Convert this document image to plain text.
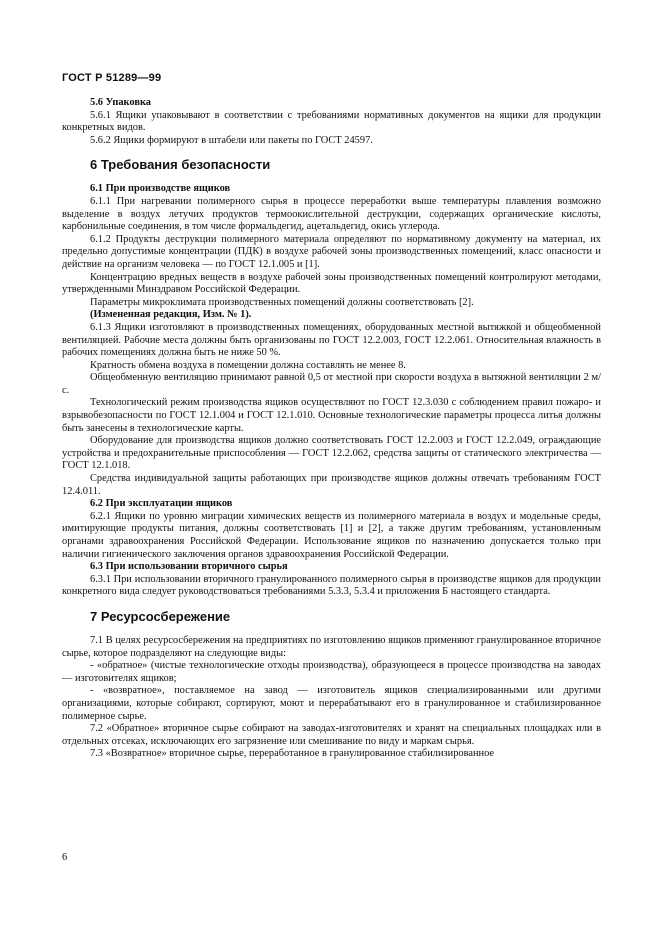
ГОСТ Р 51289—99

5.6 Упаковка

5.6.1 Ящики упаковывают в соответствии с требованиями нормативных документов на ящики для продукции конкретных видов.

5.6.2 Ящики формируют в штабели или пакеты по ГОСТ 24597.

6 Требования безопасности

6.1 При производстве ящиков

6.1.1 При нагревании полимерного сырья в процессе переработки выше температуры плавления возможно выделение в воздух летучих продуктов термоокислительной деструкции, содержащих органические кислоты, карбонильные соединения, в том числе формальдегид, ацетальдегид, окись углерода.

6.1.2 Продукты деструкции полимерного материала определяют по нормативному документу на материал, их предельно допустимые концентрации (ПДК) в воздухе рабочей зоны производственных помещений, класс опасности и действие на организм человека — по ГОСТ 12.1.005 и [1].

Концентрацию вредных веществ в воздухе рабочей зоны производственных помещений контролируют методами, утвержденными Минздравом Российской Федерации.

Параметры микроклимата производственных помещений должны соответствовать [2].

(Измененная редакция, Изм. № 1).

6.1.3 Ящики изготовляют в производственных помещениях, оборудованных местной вытяжкой и общеобменной вентиляцией. Рабочие места должны быть организованы по ГОСТ 12.2.003, ГОСТ 12.2.061. Относительная влажность в рабочих помещениях должна быть не ниже 50 %.

Кратность обмена воздуха в помещении должна составлять не менее 8.

Общеобменную вентиляцию принимают равной 0,5 от местной при скорости воздуха в вытяжной вентиляции 2 м/с.

Технологический режим производства ящиков осуществляют по ГОСТ 12.3.030 с соблюдением правил пожаро- и взрывобезопасности по ГОСТ 12.1.004 и ГОСТ 12.1.010. Основные технологические параметры процесса литья должны быть занесены в технологические карты.

Оборудование для производства ящиков должно соответствовать ГОСТ 12.2.003 и ГОСТ 12.2.049, ограждающие устройства и предохранительные приспособления — ГОСТ 12.2.062, средства защиты от статического электричества — ГОСТ 12.1.018.

Средства индивидуальной защиты работающих при производстве ящиков должны отвечать требованиям ГОСТ 12.4.011.

6.2 При эксплуатации ящиков

6.2.1 Ящики по уровню миграции химических веществ из полимерного материала в воздух и модельные среды, имитирующие продукты питания, должны соответствовать [1] и [2], а также другим требованиям, установленным органами здравоохранения Российской Федерации. Использование ящиков по назначению допускается только при наличии гигиенического заключения органов здравоохранения Российской Федерации.

6.3 При использовании вторичного сырья

6.3.1 При использовании вторичного гранулированного полимерного сырья в производстве ящиков для продукции конкретного вида следует руководствоваться требованиями 5.3.3, 5.3.4 и приложения Б настоящего стандарта.

7 Ресурсосбережение

7.1 В целях ресурсосбережения на предприятиях по изготовлению ящиков применяют гранулированное вторичное сырье, которое подразделяют на следующие виды:

- «обратное» (чистые технологические отходы производства), образующееся в процессе производства на заводах — изготовителях ящиков;

- «возвратное», поставляемое на завод — изготовитель ящиков специализированными или другими организациями, которые собирают, сортируют, моют и перерабатывают его в гранулированное и стабилизированное полимерное сырье.

7.2 «Обратное» вторичное сырье собирают на заводах-изготовителях и хранят на специальных площадках или в отдельных отсеках, исключающих его загрязнение или смешивание по виду и маркам сырья.

7.3 «Возвратное» вторичное сырье, переработанное в гранулированное стабилизированное

6
